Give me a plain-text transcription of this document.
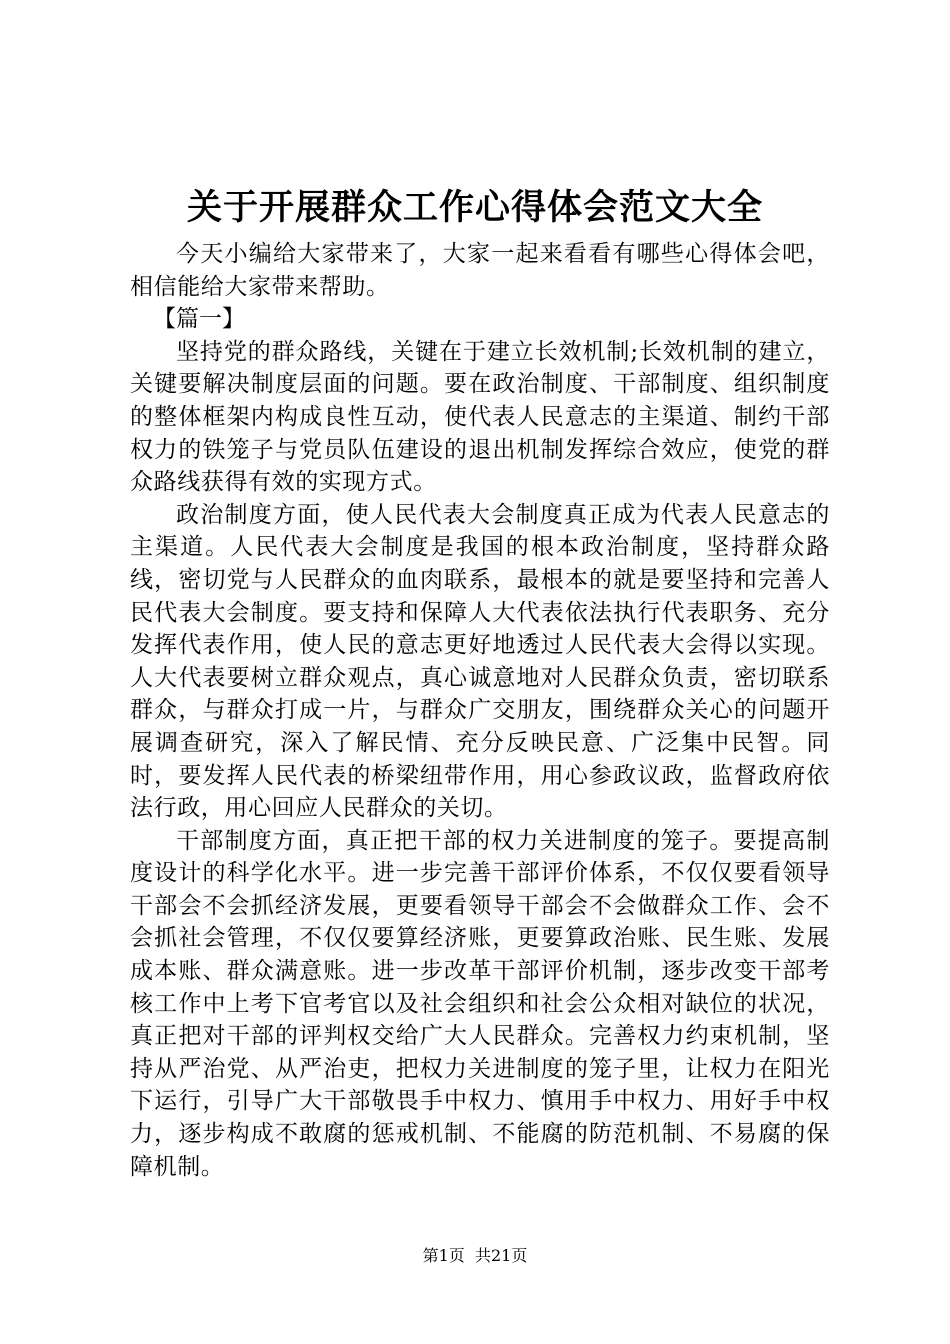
关于开展群众工作心得体会范文大全

今天小编给大家带来了，大家一起来看看有哪些心得体会吧，相信能给大家带来帮助。

【篇一】

坚持党的群众路线，关键在于建立长效机制;长效机制的建立，关键要解决制度层面的问题。要在政治制度、干部制度、组织制度的整体框架内构成良性互动，使代表人民意志的主渠道、制约干部权力的铁笼子与党员队伍建设的退出机制发挥综合效应，使党的群众路线获得有效的实现方式。

政治制度方面，使人民代表大会制度真正成为代表人民意志的主渠道。人民代表大会制度是我国的根本政治制度，坚持群众路线，密切党与人民群众的血肉联系，最根本的就是要坚持和完善人民代表大会制度。要支持和保障人大代表依法执行代表职务、充分发挥代表作用，使人民的意志更好地透过人民代表大会得以实现。人大代表要树立群众观点，真心诚意地对人民群众负责，密切联系群众，与群众打成一片，与群众广交朋友，围绕群众关心的问题开展调查研究，深入了解民情、充分反映民意、广泛集中民智。同时，要发挥人民代表的桥梁纽带作用，用心参政议政，监督政府依法行政，用心回应人民群众的关切。

干部制度方面，真正把干部的权力关进制度的笼子。要提高制度设计的科学化水平。进一步完善干部评价体系，不仅仅要看领导干部会不会抓经济发展，更要看领导干部会不会做群众工作、会不会抓社会管理，不仅仅要算经济账，更要算政治账、民生账、发展成本账、群众满意账。进一步改革干部评价机制，逐步改变干部考核工作中上考下官考官以及社会组织和社会公众相对缺位的状况，真正把对干部的评判权交给广大人民群众。完善权力约束机制，坚持从严治党、从严治吏，把权力关进制度的笼子里，让权力在阳光下运行，引导广大干部敬畏手中权力、慎用手中权力、用好手中权力，逐步构成不敢腐的惩戒机制、不能腐的防范机制、不易腐的保障机制。

第1页 共21页
